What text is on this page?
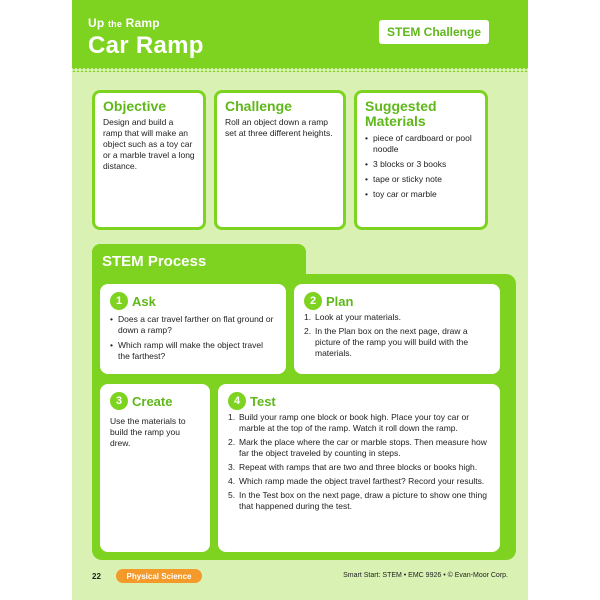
Up the Ramp
Car Ramp	STEM Challenge
Objective
Design and build a ramp that will make an object such as a toy car or a marble travel a long distance.
Challenge
Roll an object down a ramp set at three different heights.
Suggested Materials
• piece of cardboard or pool noodle
• 3 blocks or 3 books
• tape or sticky note
• toy car or marble
STEM Process
1 Ask
• Does a car travel farther on flat ground or down a ramp?
• Which ramp will make the object travel the farthest?
2 Plan
1. Look at your materials.
2. In the Plan box on the next page, draw a picture of the ramp you will build with the materials.
3 Create
Use the materials to build the ramp you drew.
4 Test
1. Build your ramp one block or book high. Place your toy car or marble at the top of the ramp. Watch it roll down the ramp.
2. Mark the place where the car or marble stops. Then measure how far the object traveled by counting in steps.
3. Repeat with ramps that are two and three blocks or books high.
4. Which ramp made the object travel farthest? Record your results.
5. In the Test box on the next page, draw a picture to show one thing that happened during the test.
22	Physical Science	Smart Start: STEM • EMC 9926 • © Evan-Moor Corp.
